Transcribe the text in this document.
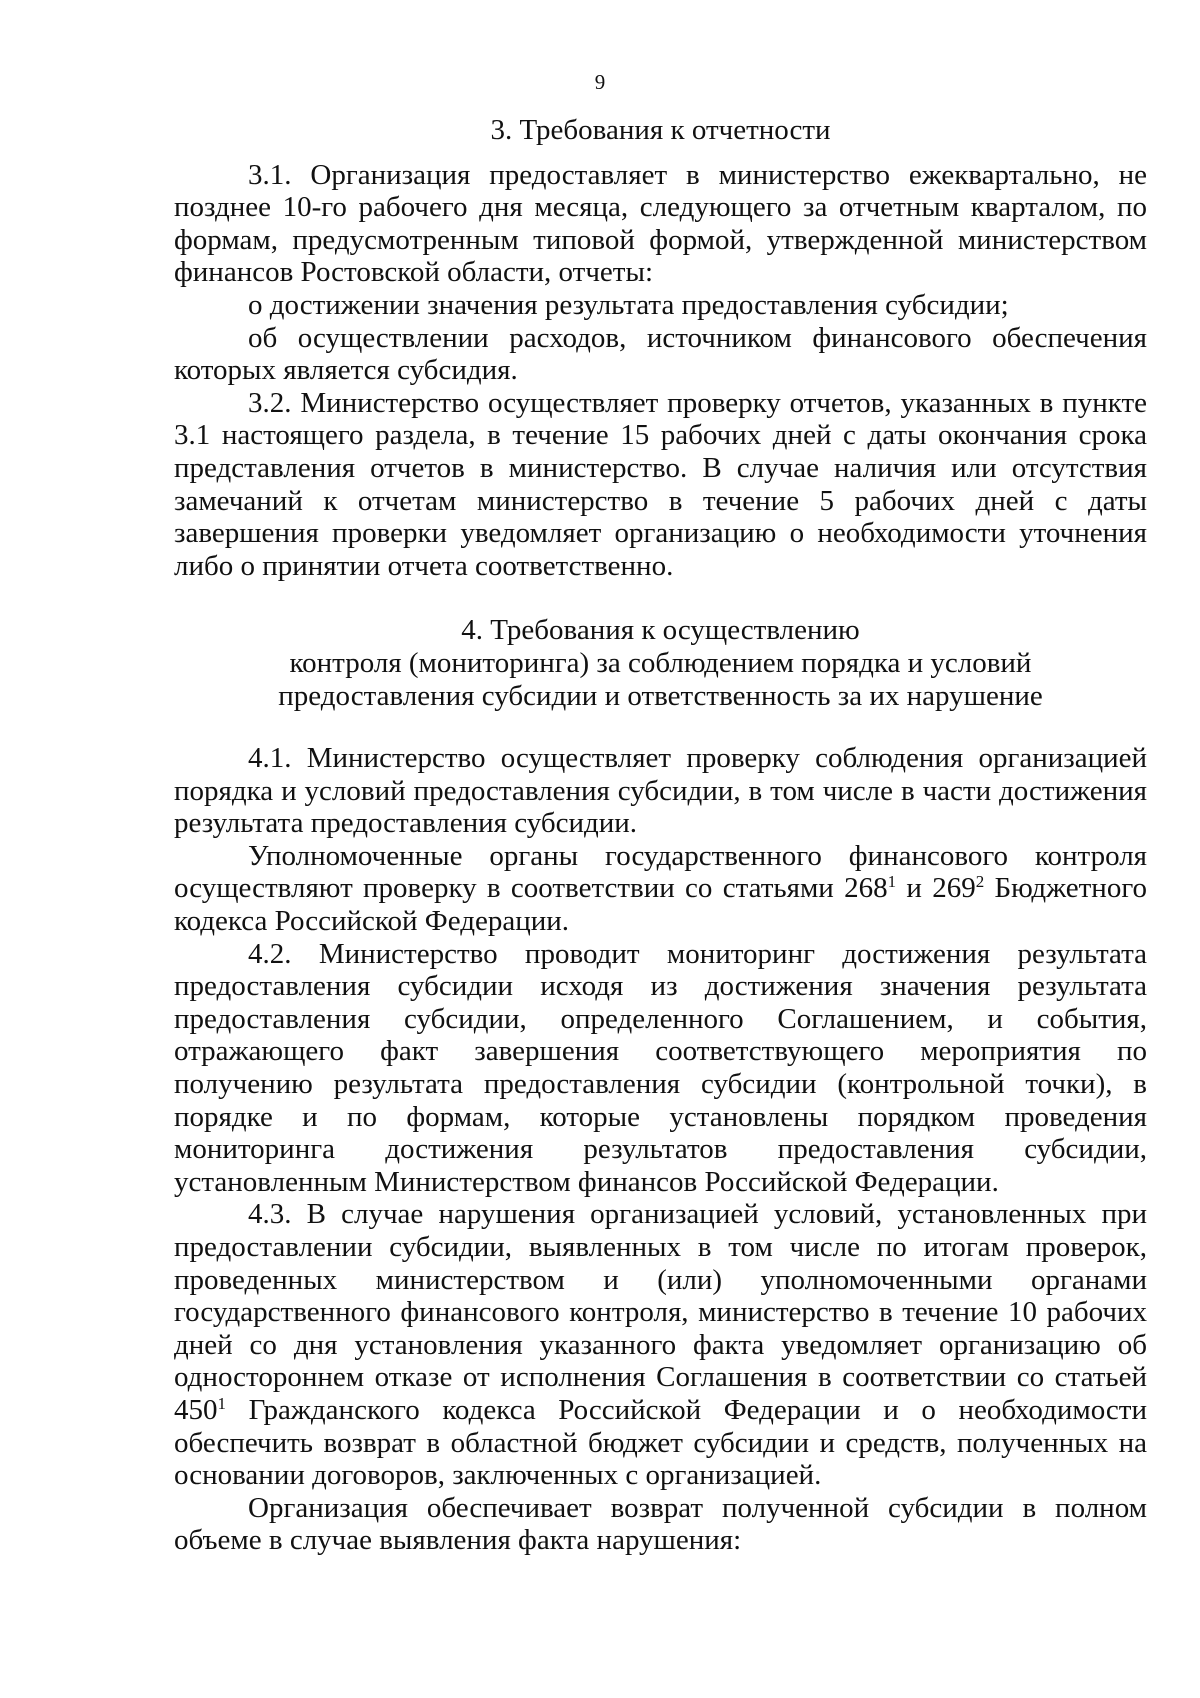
9
3. Требования к отчетности

3.1. Организация предоставляет в министерство ежеквартально, не позднее 10-го рабочего дня месяца, следующего за отчетным кварталом, по формам, предусмотренным типовой формой, утвержденной министерством финансов Ростовской области, отчеты:

о достижении значения результата предоставления субсидии;

об осуществлении расходов, источником финансового обеспечения которых является субсидия.

3.2. Министерство осуществляет проверку отчетов, указанных в пункте 3.1 настоящего раздела, в течение 15 рабочих дней с даты окончания срока представления отчетов в министерство. В случае наличия или отсутствия замечаний к отчетам министерство в течение 5 рабочих дней с даты завершения проверки уведомляет организацию о необходимости уточнения либо о принятии отчета соответственно.

4. Требования к осуществлению
контроля (мониторинга) за соблюдением порядка и условий
предоставления субсидии и ответственность за их нарушение

4.1. Министерство осуществляет проверку соблюдения организацией порядка и условий предоставления субсидии, в том числе в части достижения результата предоставления субсидии.

Уполномоченные органы государственного финансового контроля осуществляют проверку в соответствии со статьями $268^1$ и $269^2$ Бюджетного кодекса Российской Федерации.

4.2. Министерство проводит мониторинг достижения результата предоставления субсидии исходя из достижения значения результата предоставления субсидии, определенного Соглашением, и события, отражающего факт завершения соответствующего мероприятия по получению результата предоставления субсидии (контрольной точки), в порядке и по формам, которые установлены порядком проведения мониторинга достижения результатов предоставления субсидии, установленным Министерством финансов Российской Федерации.

4.3. В случае нарушения организацией условий, установленных при предоставлении субсидии, выявленных в том числе по итогам проверок, проведенных министерством и (или) уполномоченными органами государственного финансового контроля, министерство в течение 10 рабочих дней со дня установления указанного факта уведомляет организацию об одностороннем отказе от исполнения Соглашения в соответствии со статьей $450^1$ Гражданского кодекса Российской Федерации и о необходимости обеспечить возврат в областной бюджет субсидии и средств, полученных на основании договоров, заключенных с организацией.

Организация обеспечивает возврат полученной субсидии в полном объеме в случае выявления факта нарушения:
